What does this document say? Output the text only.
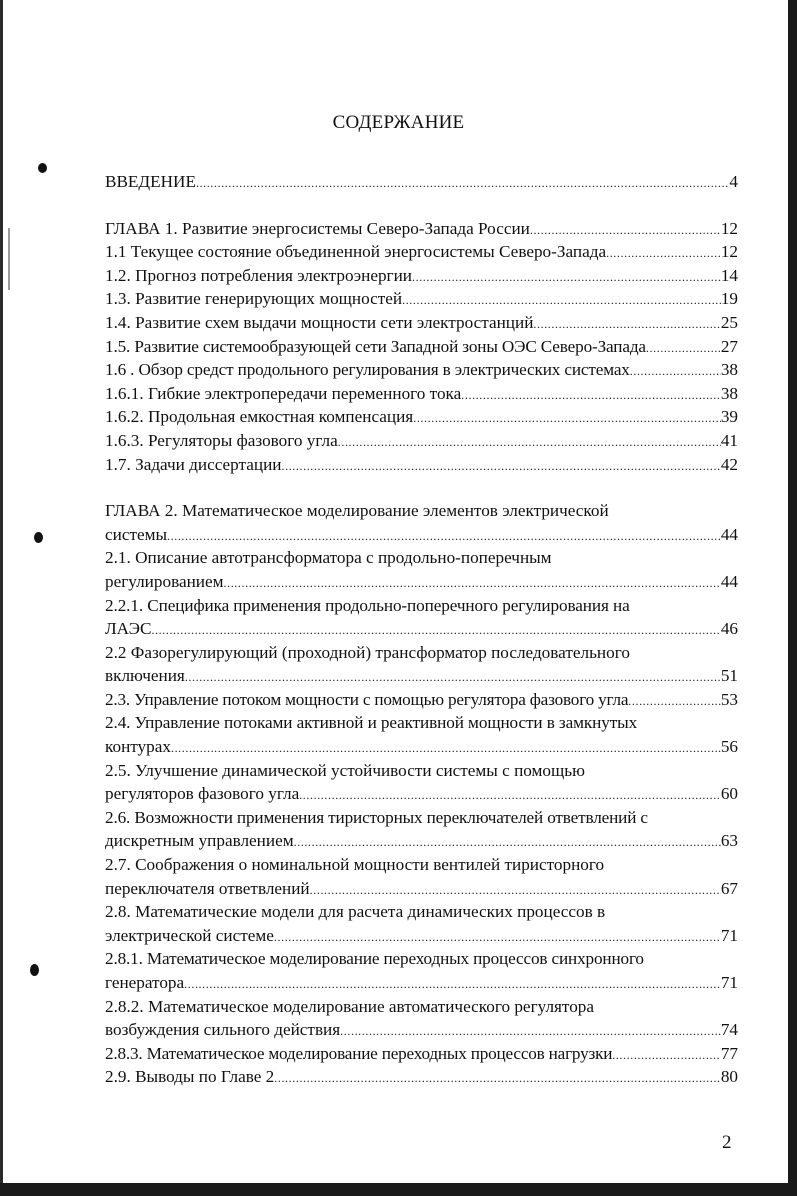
СОДЕРЖАНИЕ
ВВЕДЕНИЕ .....	4
ГЛАВА 1. Развитие энергосистемы Северо-Запада России .....	12
1.1 Текущее состояние объединенной энергосистемы Северо-Запада .....	12
1.2. Прогноз потребления электроэнергии .....	14
1.3. Развитие генерирующих мощностей .....	19
1.4. Развитие схем выдачи мощности сети электростанций .....	25
1.5. Развитие системообразующей сети Западной зоны ОЭС Северо-Запада .....	27
1.6 . Обзор средст продольного регулирования в электрических системах .....	38
1.6.1. Гибкие электропередачи переменного тока .....	38
1.6.2. Продольная емкостная компенсация .....	39
1.6.3. Регуляторы фазового угла .....	41
1.7. Задачи диссертации .....	42
ГЛАВА 2. Математическое моделирование элементов электрической
системы .....	44
2.1. Описание автотрансформатора с продольно-поперечным
регулированием .....	44
2.2.1. Специфика применения продольно-поперечного регулирования на
ЛАЭС .....	46
2.2 Фазорегулирующий (проходной) трансформатор последовательного
включения .....	51
2.3. Управление потоком мощности с помощью регулятора фазового угла .....	53
2.4. Управление потоками активной и реактивной мощности в замкнутых
контурах .....	56
2.5. Улучшение динамической устойчивости системы с помощью
регуляторов фазового угла .....	60
2.6. Возможности применения тиристорных переключателей ответвлений с
дискретным управлением .....	63
2.7. Соображения о номинальной мощности вентилей тиристорного
переключателя ответвлений .....	67
2.8. Математические модели для расчета динамических процессов в
электрической системе .....	71
2.8.1. Математическое моделирование переходных процессов синхронного
генератора .....	71
2.8.2. Математическое моделирование автоматического регулятора
возбуждения сильного действия .....	74
2.8.3. Математическое моделирование переходных процессов нагрузки .....	77
2.9. Выводы по Главе 2 .....	80
2
